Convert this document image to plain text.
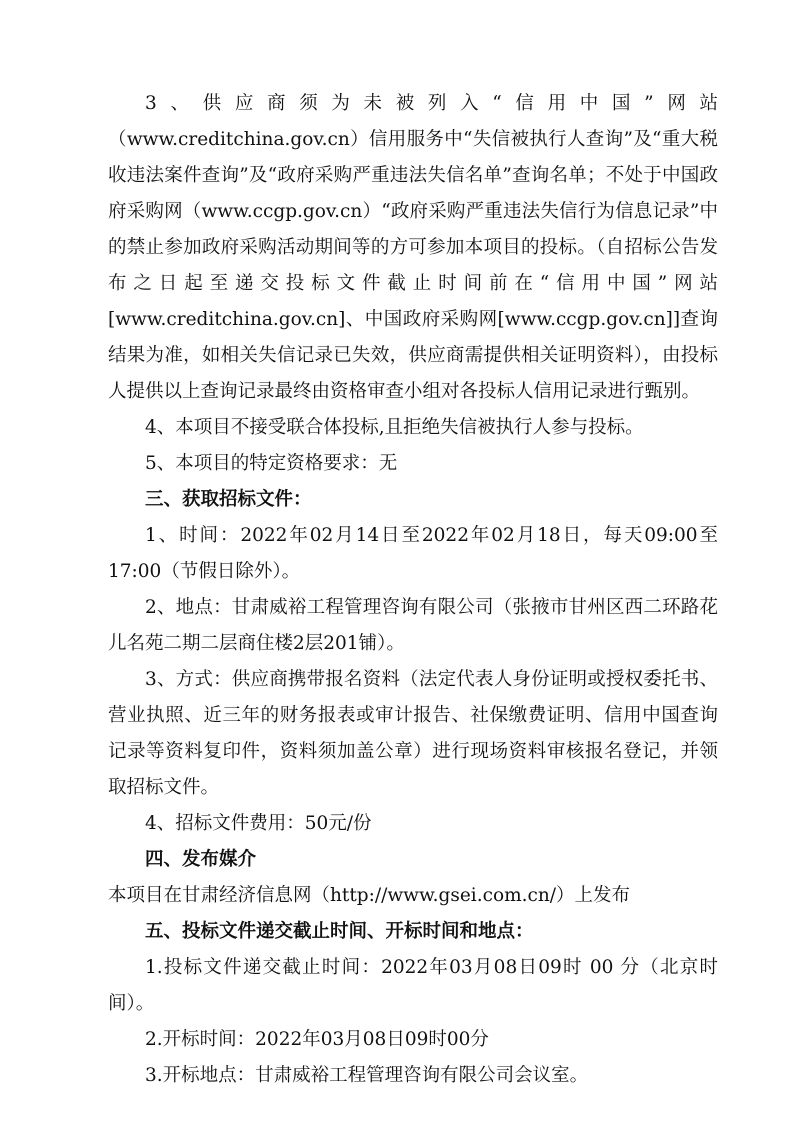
3、供应商须为未被列入“信用中国”网站（www.creditchina.gov.cn）信用服务中“失信被执行人查询”及“重大税收违法案件查询”及“政府采购严重违法失信名单”查询名单；不处于中国政府采购网（www.ccgp.gov.cn）“政府采购严重违法失信行为信息记录”中的禁止参加政府采购活动期间等的方可参加本项目的投标。（自招标公告发布之日起至递交投标文件截止时间前在“信用中国”网站[www.creditchina.gov.cn]、中国政府采购网[www.ccgp.gov.cn]]查询结果为准，如相关失信记录已失效，供应商需提供相关证明资料），由投标人提供以上查询记录最终由资格审查小组对各投标人信用记录进行甄别。

4、本项目不接受联合体投标,且拒绝失信被执行人参与投标。

5、本项目的特定资格要求：无

三、获取招标文件：

1、时间：2022年02月14日至2022年02月18日，每天09:00至17:00（节假日除外）。

2、地点：甘肃威裕工程管理咨询有限公司（张掖市甘州区西二环路花儿名苑二期二层商住楼2层201铺）。

3、方式：供应商携带报名资料（法定代表人身份证明或授权委托书、营业执照、近三年的财务报表或审计报告、社保缴费证明、信用中国查询记录等资料复印件，资料须加盖公章）进行现场资料审核报名登记，并领取招标文件。

4、招标文件费用：50元/份

四、发布媒介

本项目在甘肃经济信息网（http://www.gsei.com.cn/）上发布

五、投标文件递交截止时间、开标时间和地点：

1.投标文件递交截止时间：2022年03月08日09时 00 分（北京时间）。

2.开标时间：2022年03月08日09时00分

3.开标地点：甘肃威裕工程管理咨询有限公司会议室。
